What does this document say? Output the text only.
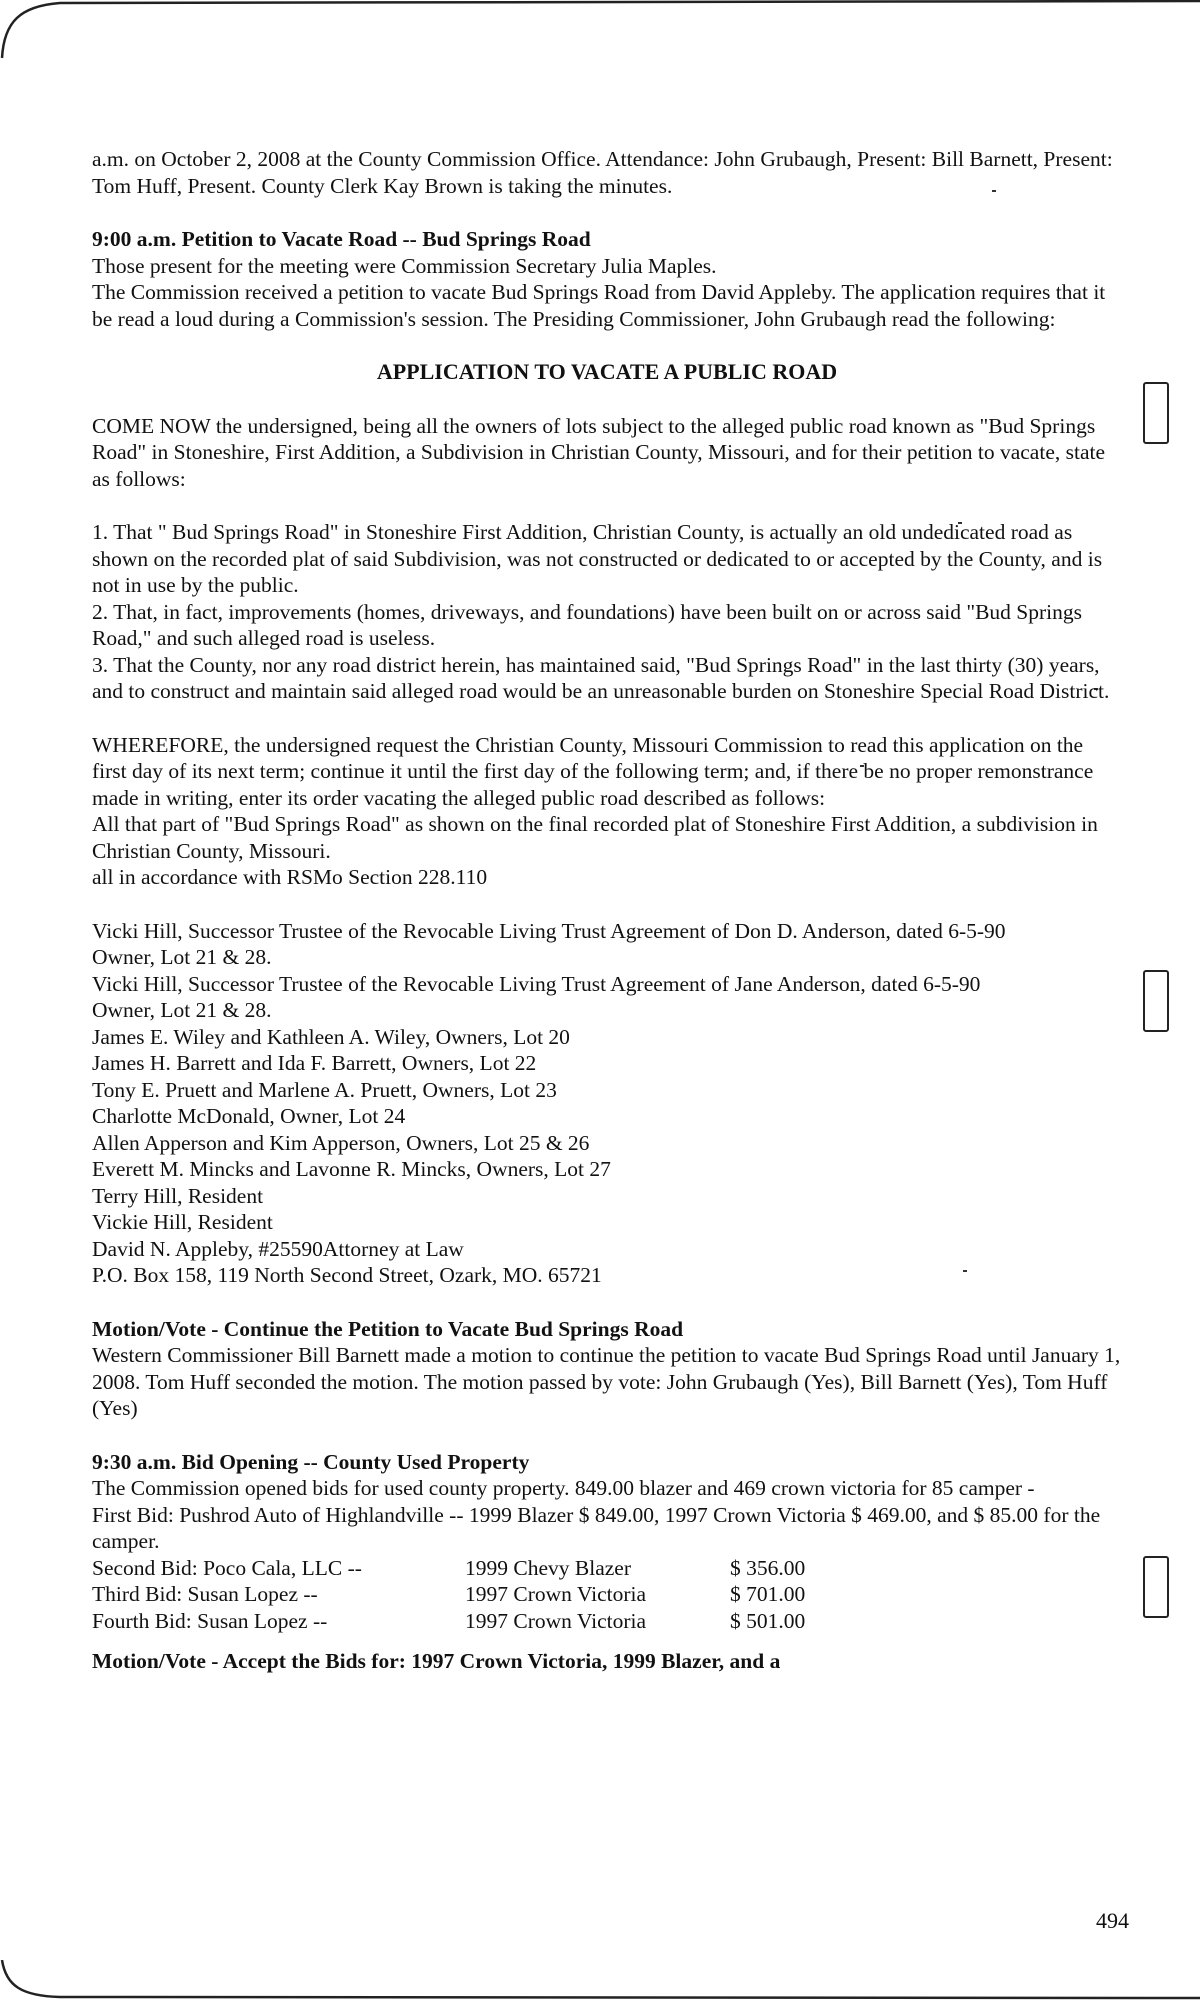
a.m. on October 2, 2008 at the County Commission Office. Attendance: John Grubaugh, Present: Bill Barnett, Present: Tom Huff, Present. County Clerk Kay Brown is taking the minutes.

9:00 a.m. Petition to Vacate Road -- Bud Springs Road

Those present for the meeting were Commission Secretary Julia Maples.

The Commission received a petition to vacate Bud Springs Road from David Appleby. The application requires that it be read a loud during a Commission's session. The Presiding Commissioner, John Grubaugh read the following:

APPLICATION TO VACATE A PUBLIC ROAD

COME NOW the undersigned, being all the owners of lots subject to the alleged public road known as "Bud Springs Road" in Stoneshire, First Addition, a Subdivision in Christian County, Missouri, and for their petition to vacate, state as follows:

1. That " Bud Springs Road" in Stoneshire First Addition, Christian County, is actually an old undedicated road as shown on the recorded plat of said Subdivision, was not constructed or dedicated to or accepted by the County, and is not in use by the public.

2. That, in fact, improvements (homes, driveways, and foundations) have been built on or across said "Bud Springs Road," and such alleged road is useless.

3. That the County, nor any road district herein, has maintained said, "Bud Springs Road" in the last thirty (30) years, and to construct and maintain said alleged road would be an unreasonable burden on Stoneshire Special Road District.

WHEREFORE, the undersigned request the Christian County, Missouri Commission to read this application on the first day of its next term; continue it until the first day of the following term; and, if there be no proper remonstrance made in writing, enter its order vacating the alleged public road described as follows:

All that part of "Bud Springs Road" as shown on the final recorded plat of Stoneshire First Addition, a subdivision in Christian County, Missouri.

all in accordance with RSMo Section 228.110

Vicki Hill, Successor Trustee of the Revocable Living Trust Agreement of Don D. Anderson, dated 6-5-90

Owner, Lot 21 & 28.

Vicki Hill, Successor Trustee of the Revocable Living Trust Agreement of Jane Anderson, dated 6-5-90

Owner, Lot 21 & 28.

James E. Wiley and Kathleen A. Wiley, Owners, Lot 20

James H. Barrett and Ida F. Barrett, Owners, Lot 22

Tony E. Pruett and Marlene A. Pruett, Owners, Lot 23

Charlotte McDonald, Owner, Lot 24

Allen Apperson and Kim Apperson, Owners, Lot 25 & 26

Everett M. Mincks and Lavonne R. Mincks, Owners, Lot 27

Terry Hill, Resident

Vickie Hill, Resident

David N. Appleby, #25590Attorney at Law

P.O. Box 158, 119 North Second Street, Ozark, MO. 65721

Motion/Vote - Continue the Petition to Vacate Bud Springs Road

Western Commissioner Bill Barnett made a motion to continue the petition to vacate Bud Springs Road until January 1, 2008. Tom Huff seconded the motion. The motion passed by vote: John Grubaugh (Yes), Bill Barnett (Yes), Tom Huff (Yes)

9:30 a.m. Bid Opening -- County Used Property

The Commission opened bids for used county property. 849.00 blazer and 469 crown victoria for 85 camper -

First Bid: Pushrod Auto of Highlandville -- 1999 Blazer $ 849.00, 1997 Crown Victoria $ 469.00, and $ 85.00 for the camper.

Second Bid: Poco Cala, LLC --	1999 Chevy Blazer	$ 356.00
Third Bid: Susan Lopez --	1997 Crown Victoria	$ 701.00
Fourth Bid: Susan Lopez --	1997 Crown Victoria	$ 501.00

Motion/Vote - Accept the Bids for: 1997 Crown Victoria, 1999 Blazer, and a

494
